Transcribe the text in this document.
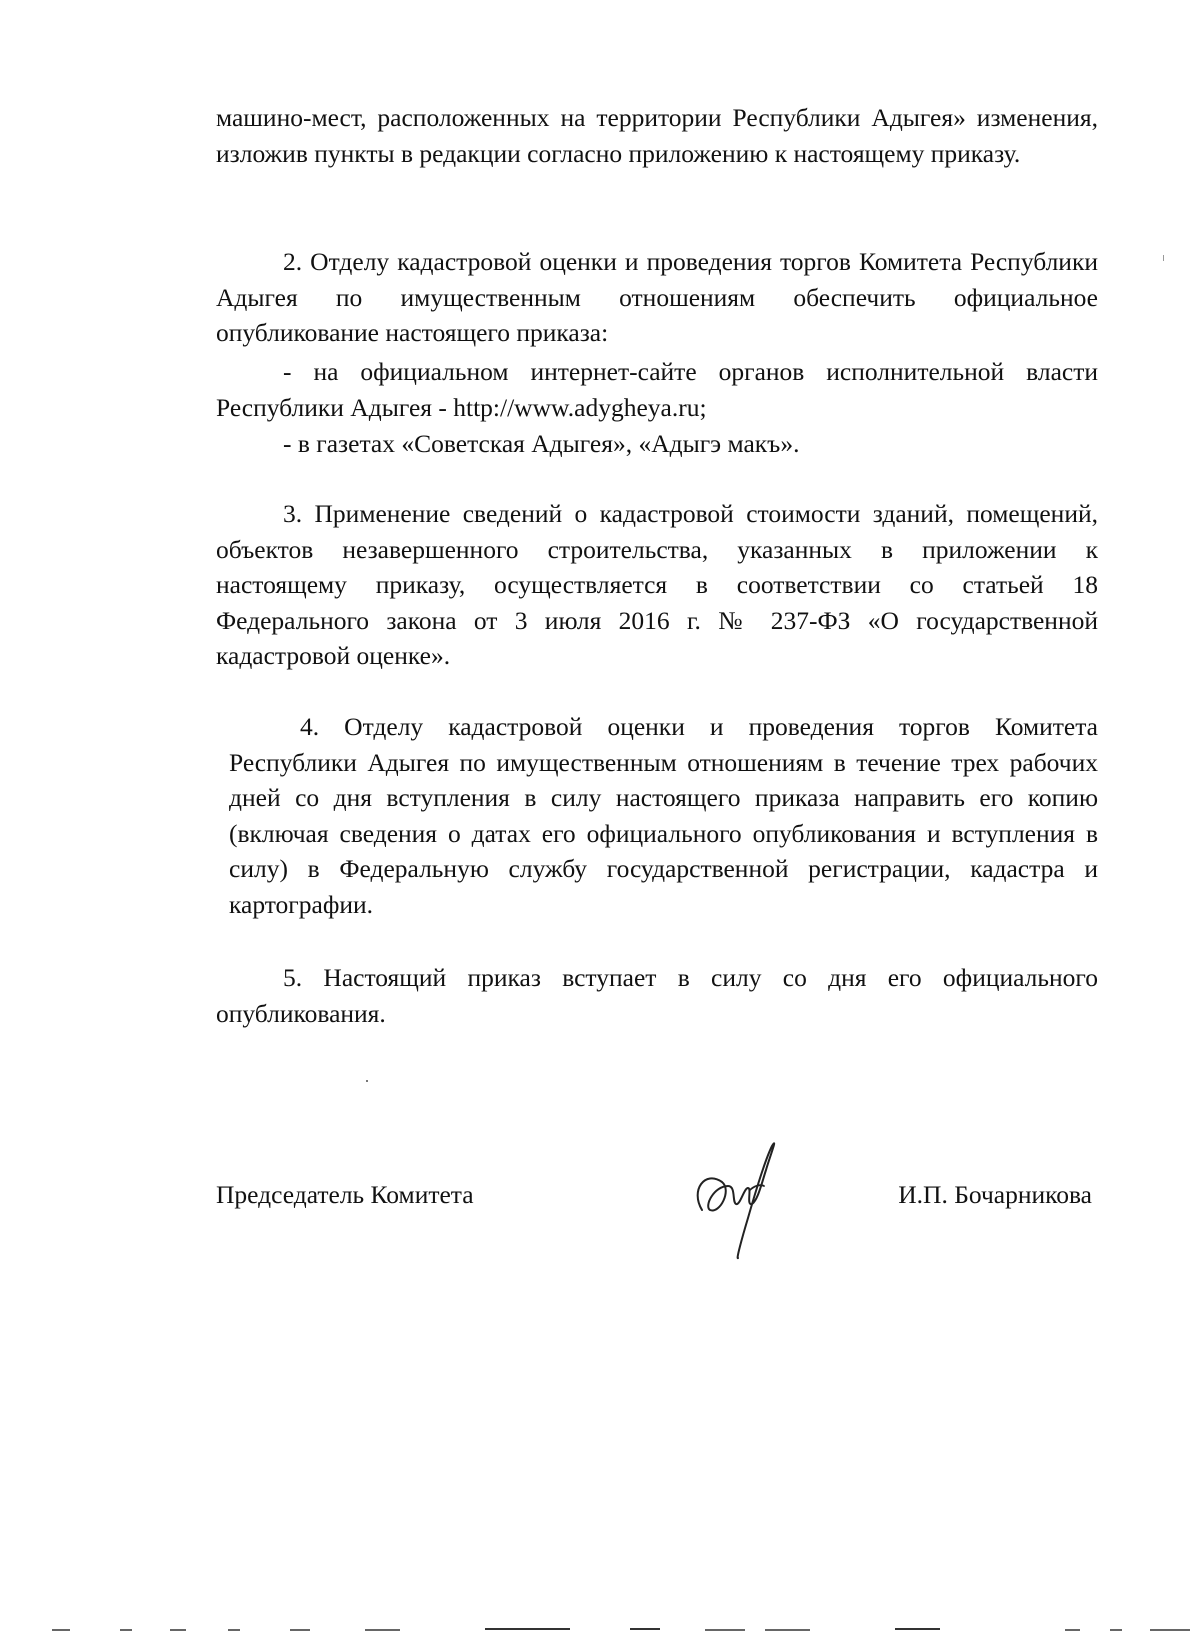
машино-мест, расположенных на территории Республики Адыгея» изменения, изложив пункты в редакции согласно приложению к настоящему приказу.

2. Отделу кадастровой оценки и проведения торгов Комитета Республики Адыгея по имущественным отношениям обеспечить официальное опубликование настоящего приказа:

- на официальном интернет-сайте органов исполнительной власти Республики Адыгея - http://www.adygheya.ru;

- в газетах «Советская Адыгея», «Адыгэ макъ».

3. Применение сведений о кадастровой стоимости зданий, помещений, объектов незавершенного строительства, указанных в приложении к настоящему приказу, осуществляется в соответствии со статьей 18 Федерального закона от 3 июля 2016 г. № 237-ФЗ «О государственной кадастровой оценке».

4. Отделу кадастровой оценки и проведения торгов Комитета Республики Адыгея по имущественным отношениям в течение трех рабочих дней со дня вступления в силу настоящего приказа направить его копию (включая сведения о датах его официального опубликования и вступления в силу) в Федеральную службу государственной регистрации, кадастра и картографии.

5. Настоящий приказ вступает в силу со дня его официального опубликования.

Председатель Комитета	И.П. Бочарникова
